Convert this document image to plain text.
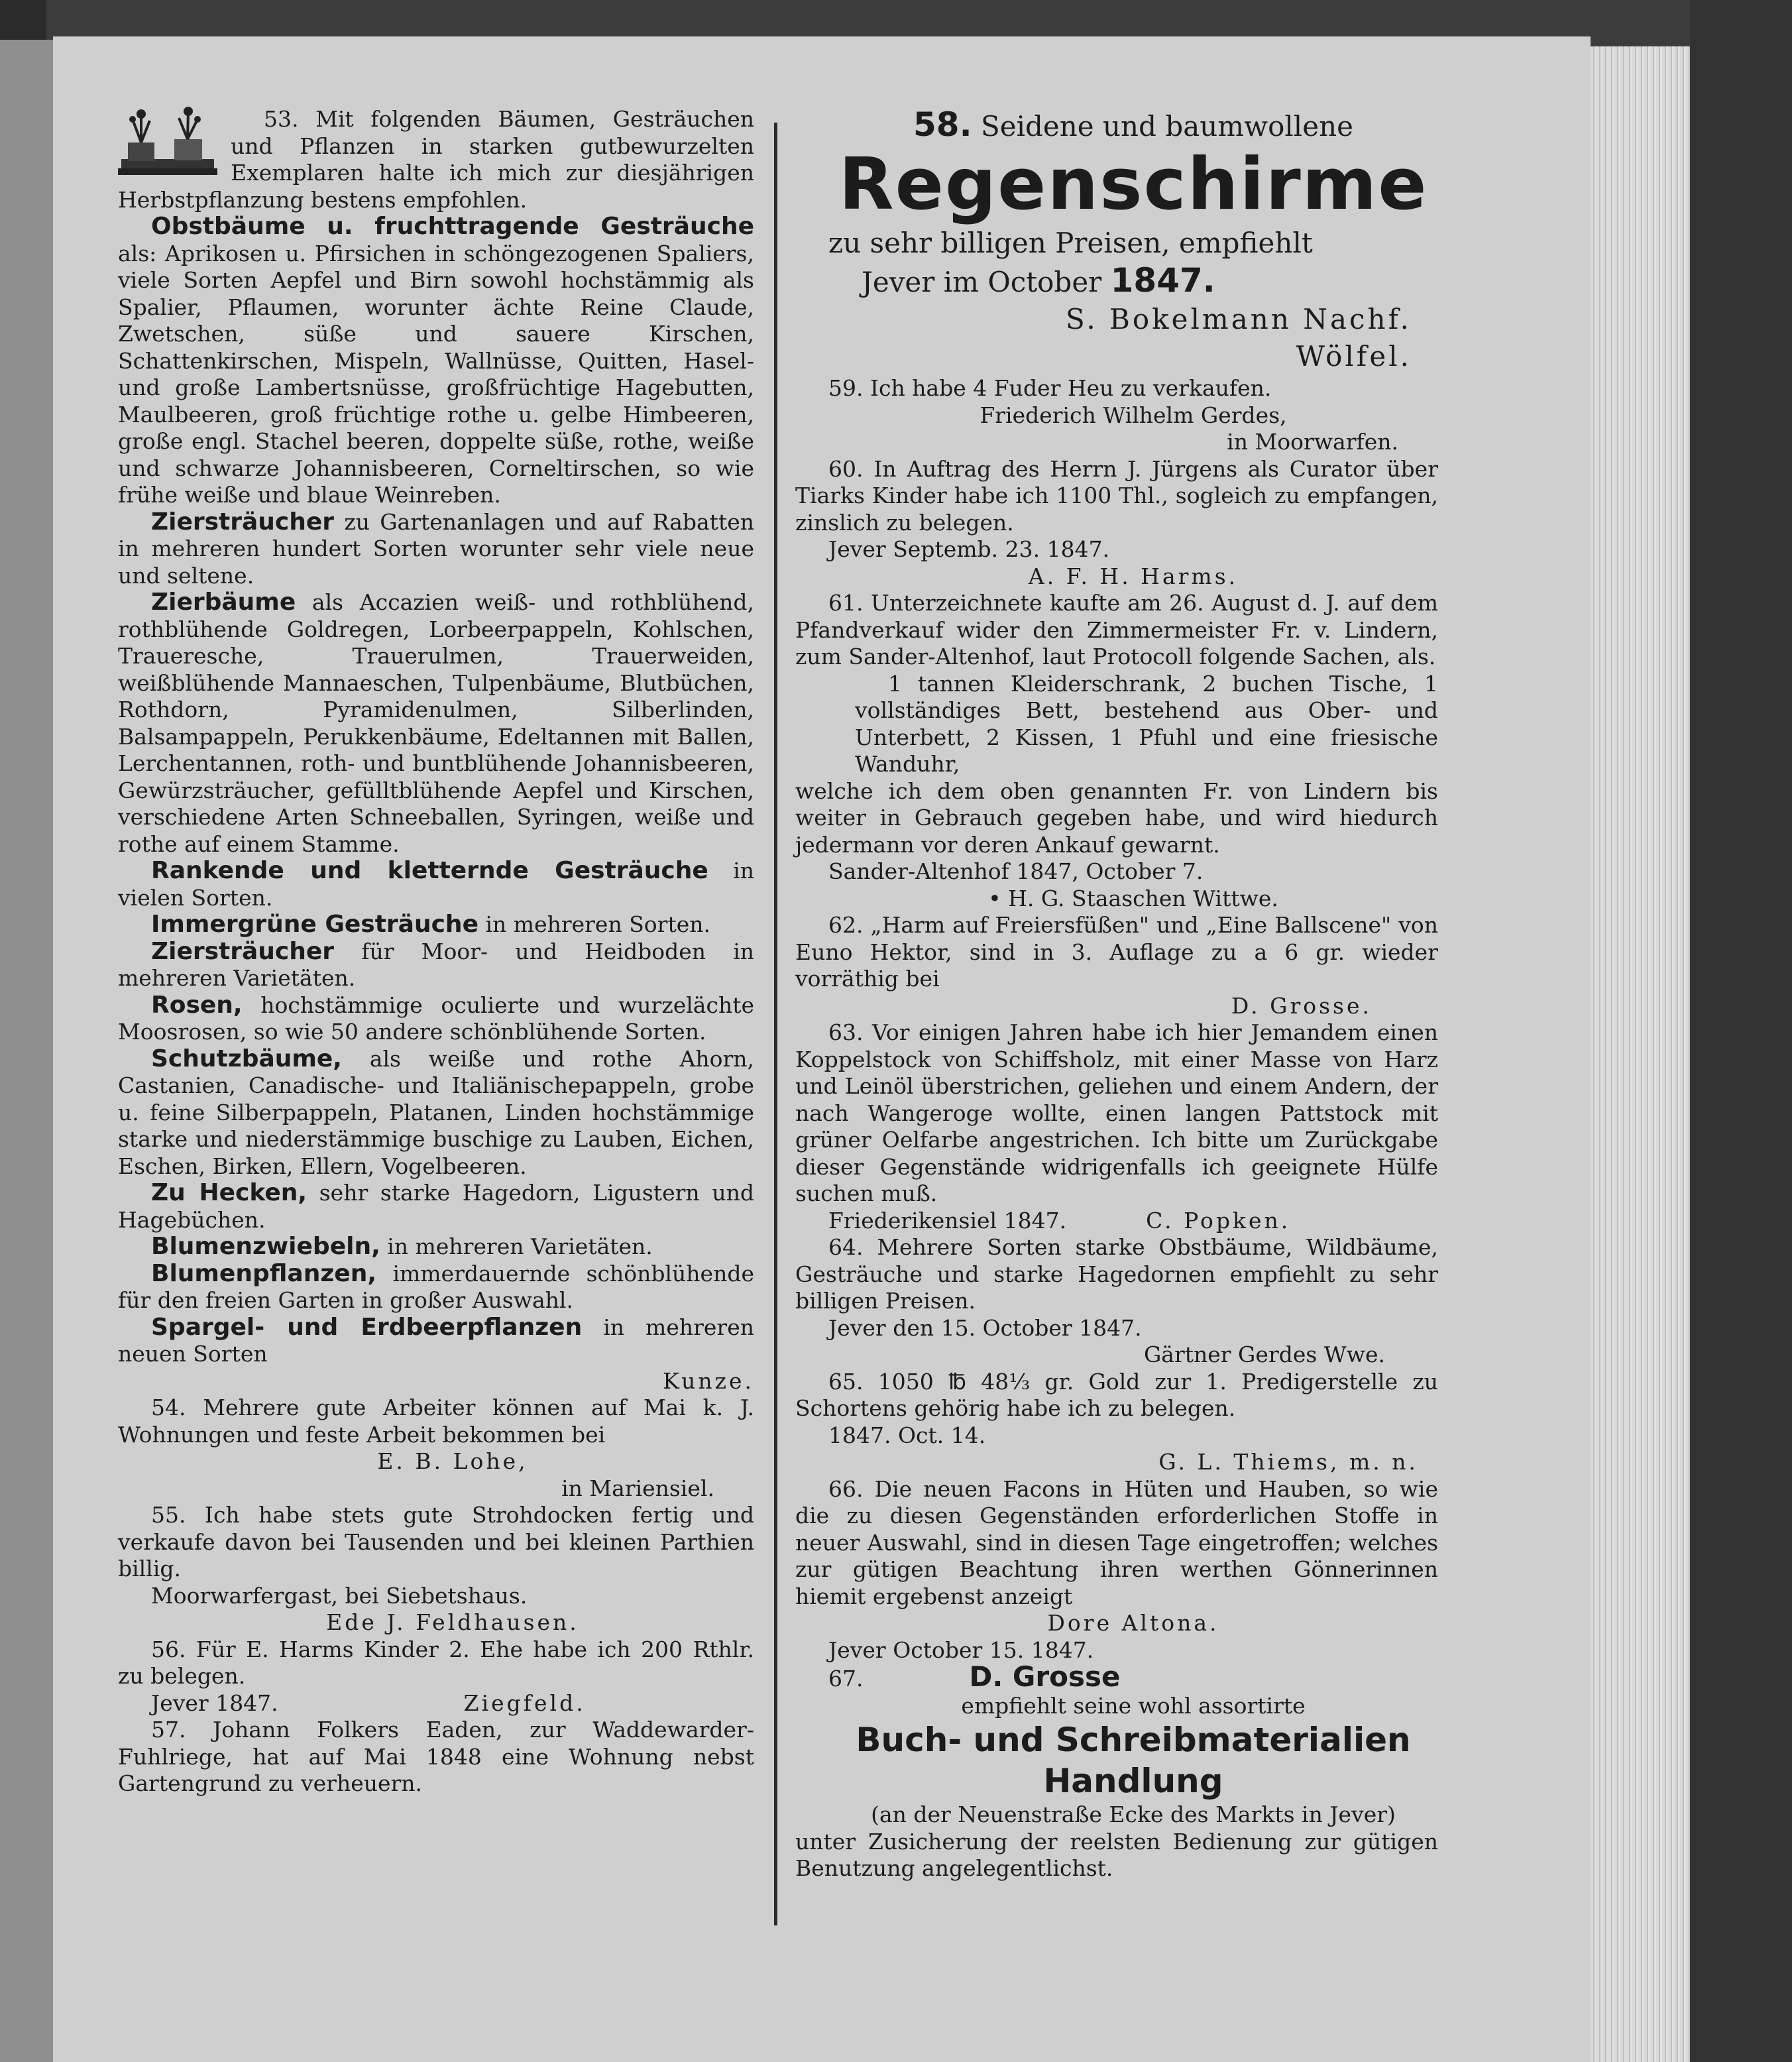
53. Mit folgenden Bäumen, Gesträuchen und Pflanzen in starken gutbewurzelten Exemplaren halte ich mich zur diesjährigen Herbstpflanzung bestens empfohlen.

Obstbäume u. fruchttragende Gesträuche als: Aprikosen u. Pfirsichen in schöngezogenen Spaliers, viele Sorten Aepfel und Birn sowohl hochstämmig als Spalier, Pflaumen, worunter ächte Reine Claude, Zwetschen, süße und sauere Kirschen, Schattenkirschen, Mispeln, Wallnüsse, Quitten, Hasel- und große Lambertsnüsse, großfrüchtige Hagebutten, Maulbeeren, groß früchtige rothe u. gelbe Himbeeren, große engl. Stachel beeren, doppelte süße, rothe, weiße und schwarze Johannisbeeren, Corneltirschen, so wie frühe weiße und blaue Weinreben.

Ziersträucher zu Gartenanlagen und auf Rabatten in mehreren hundert Sorten worunter sehr viele neue und seltene.

Zierbäume als Accazien weiß- und rothblühend, rothblühende Goldregen, Lorbeerpappeln, Kohlschen, Traueresche, Trauerulmen, Trauerweiden, weißblühende Mannaeschen, Tulpenbäume, Blutbüchen, Rothdorn, Pyramidenulmen, Silberlinden, Balsampappeln, Perukkenbäume, Edeltannen mit Ballen, Lerchentannen, roth- und buntblühende Johannisbeeren, Gewürzsträucher, gefülltblühende Aepfel und Kirschen, verschiedene Arten Schneeballen, Syringen, weiße und rothe auf einem Stamme.

Rankende und kletternde Gesträuche in vielen Sorten.

Immergrüne Gesträuche in mehreren Sorten.

Ziersträucher für Moor- und Heidboden in mehreren Varietäten.

Rosen, hochstämmige oculierte und wurzelächte Moosrosen, so wie 50 andere schönblühende Sorten.

Schutzbäume, als weiße und rothe Ahorn, Castanien, Canadische- und Italiänischepappeln, grobe u. feine Silberpappeln, Platanen, Linden hochstämmige starke und niederstämmige buschige zu Lauben, Eichen, Eschen, Birken, Ellern, Vogelbeeren.

Zu Hecken, sehr starke Hagedorn, Ligustern und Hagebüchen.

Blumenzwiebeln, in mehreren Varietäten.

Blumenpflanzen, immerdauernde schönblühende für den freien Garten in großer Auswahl.

Spargel- und Erdbeerpflanzen in mehreren neuen Sorten

Kunze.

54. Mehrere gute Arbeiter können auf Mai k. J. Wohnungen und feste Arbeit bekommen bei

E. B. Lohe,

in Mariensiel.

55. Ich habe stets gute Strohdocken fertig und verkaufe davon bei Tausenden und bei kleinen Parthien billig.

Moorwarfergast, bei Siebetshaus.

Ede J. Feldhausen.

56. Für E. Harms Kinder 2. Ehe habe ich 200 Rthlr. zu belegen.

Jever 1847.	Ziegfeld.

57. Johann Folkers Eaden, zur Waddewarder-Fuhlriege, hat auf Mai 1848 eine Wohnung nebst Gartengrund zu verheuern.

58. Seidene und baumwollene

Regenschirme

zu sehr billigen Preisen, empfiehlt

Jever im October 1847.

S. Bokelmann Nachf.

Wölfel.

59. Ich habe 4 Fuder Heu zu verkaufen.

Friederich Wilhelm Gerdes,

in Moorwarfen.

60. In Auftrag des Herrn J. Jürgens als Curator über Tiarks Kinder habe ich 1100 Thl., sogleich zu empfangen, zinslich zu belegen.

Jever Septemb. 23. 1847.

A. F. H. Harms.

61. Unterzeichnete kaufte am 26. August d. J. auf dem Pfandverkauf wider den Zimmermeister Fr. v. Lindern, zum Sander-Altenhof, laut Protocoll folgende Sachen, als.

1 tannen Kleiderschrank, 2 buchen Tische, 1 vollständiges Bett, bestehend aus Ober- und Unterbett, 2 Kissen, 1 Pfuhl und eine friesische Wanduhr,

welche ich dem oben genannten Fr. von Lindern bis weiter in Gebrauch gegeben habe, und wird hiedurch jedermann vor deren Ankauf gewarnt.

Sander-Altenhof 1847, October 7.

• H. G. Staaschen Wittwe.

62. „Harm auf Freiersfüßen" und „Eine Ballscene" von Euno Hektor, sind in 3. Auflage zu a 6 gr. wieder vorräthig bei

D. Grosse.

63. Vor einigen Jahren habe ich hier Jemandem einen Koppelstock von Schiffsholz, mit einer Masse von Harz und Leinöl überstrichen, geliehen und einem Andern, der nach Wangeroge wollte, einen langen Pattstock mit grüner Oelfarbe angestrichen. Ich bitte um Zurückgabe dieser Gegenstände widrigenfalls ich geeignete Hülfe suchen muß.

Friederikensiel 1847.	C. Popken.

64. Mehrere Sorten starke Obstbäume, Wildbäume, Gesträuche und starke Hagedornen empfiehlt zu sehr billigen Preisen.

Jever den 15. October 1847.

Gärtner Gerdes Wwe.

65. 1050 ℔ 48⅓ gr. Gold zur 1. Predigerstelle zu Schortens gehörig habe ich zu belegen.

1847. Oct. 14.

G. L. Thiems, m. n.

66. Die neuen Facons in Hüten und Hauben, so wie die zu diesen Gegenständen erforderlichen Stoffe in neuer Auswahl, sind in diesen Tage eingetroffen; welches zur gütigen Beachtung ihren werthen Gönnerinnen hiemit ergebenst anzeigt

Dore Altona.

Jever October 15. 1847.

67.	D. Grosse

empfiehlt seine wohl assortirte

Buch- und Schreibmaterialien

Handlung

(an der Neuenstraße Ecke des Markts in Jever)

unter Zusicherung der reelsten Bedienung zur gütigen Benutzung angelegentlichst.
